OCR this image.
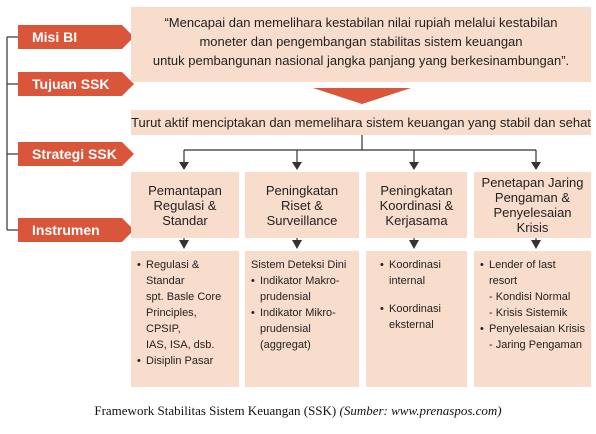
Misi BI
Tujuan SSK
Strategi SSK
Instrumen
“Mencapai dan memelihara kestabilan nilai rupiah melalui kestabilan
moneter dan pengembangan stabilitas sistem keuangan
untuk pembangunan nasional jangka panjang yang berkesinambungan”.
Turut aktif menciptakan dan memelihara sistem keuangan yang stabil dan sehat
Pemantapan
Regulasi &
Standar
Peningkatan
Riset &
Surveillance
Peningkatan
Koordinasi &
Kerjasama
Penetapan Jaring
Pengaman &
Penyelesaian Krisis
• Regulasi & Standar
spt. Basle Core
Principles, CPSIP,
IAS, ISA, dsb.
• Disiplin Pasar
Sistem Deteksi Dini
• Indikator Makro-
prudensial
• Indikator Mikro-
prudensial
(aggregat)
• Koordinasi
internal
• Koordinasi
eksternal
• Lender of last resort
- Kondisi Normal
- Krisis Sistemik
• Penyelesaian Krisis
- Jaring Pengaman
Framework Stabilitas Sistem Keuangan (SSK) (Sumber: www.prenaspos.com)
